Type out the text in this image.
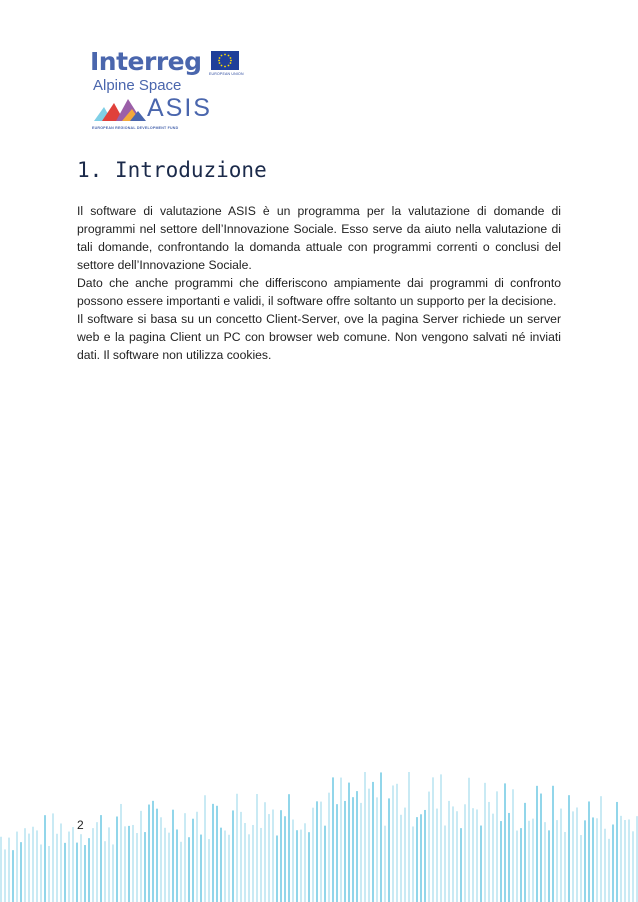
Interreg EUROPEAN UNION
Alpine Space
ASIS
EUROPEAN REGIONAL DEVELOPMENT FUND
1. Introduzione

Il software di valutazione ASIS è un programma per la valutazione di domande di programmi nel settore dell’Innovazione Sociale. Esso serve da aiuto nella valutazione di tali domande, confrontando la domanda attuale con programmi correnti o conclusi del settore dell’Innovazione Sociale.

Dato che anche programmi che differiscono ampiamente dai programmi di confronto possono essere importanti e validi, il software offre soltanto un supporto per la decisione.

Il software si basa su un concetto Client-Server, ove la pagina Server richiede un server web e la pagina Client un PC con browser web comune. Non vengono salvati né inviati dati. Il software non utilizza cookies.

2
